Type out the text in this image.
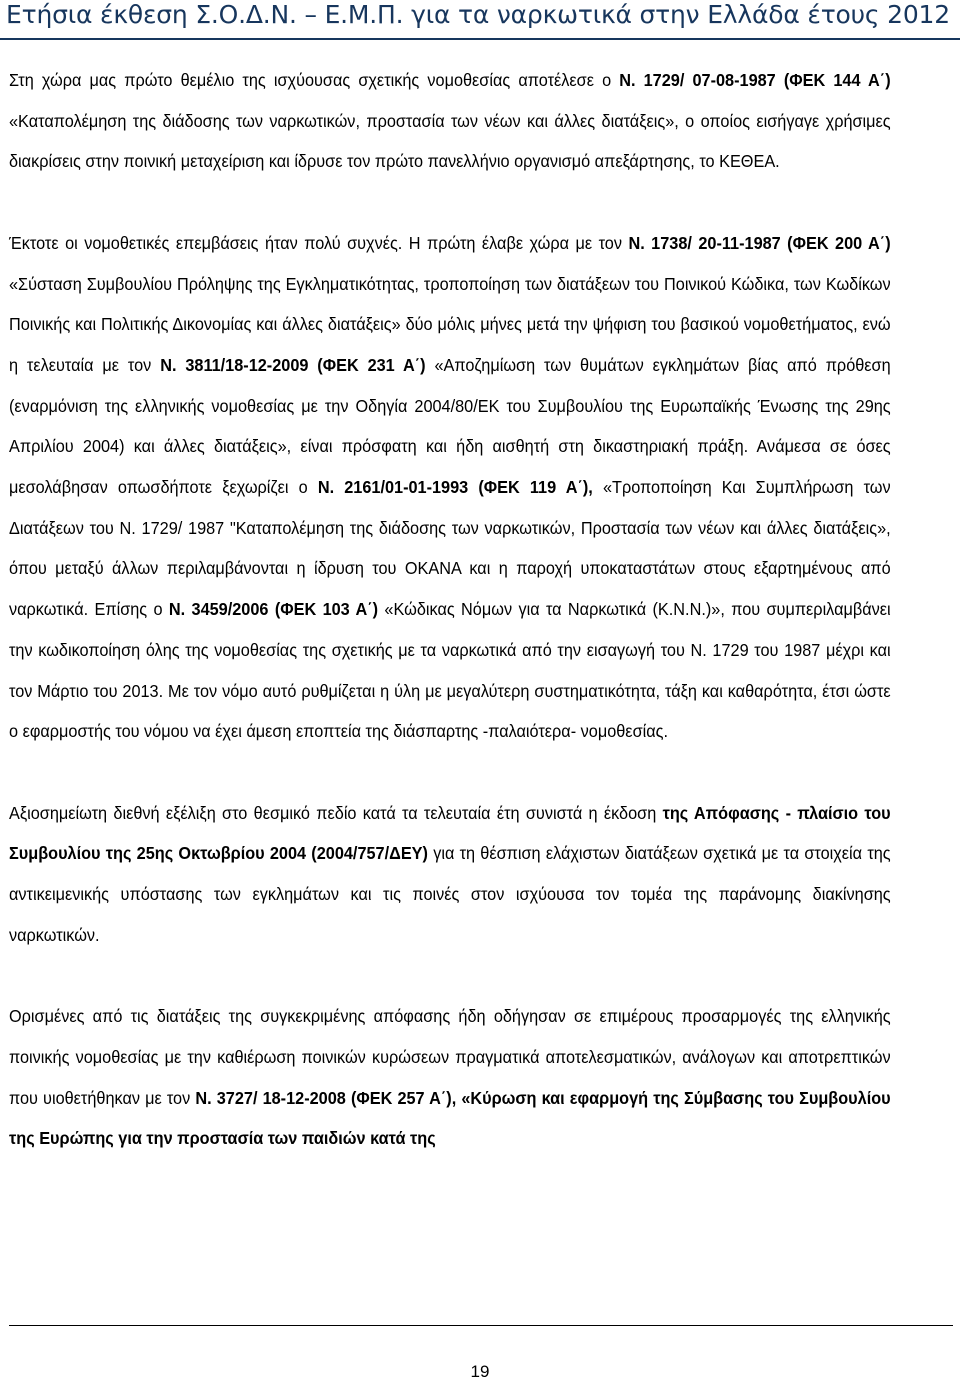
Ετήσια έκθεση Σ.Ο.Δ.Ν. – Ε.Μ.Π. για τα ναρκωτικά στην Ελλάδα έτους 2012

Στη χώρα μας πρώτο θεμέλιο της ισχύουσας σχετικής νομοθεσίας αποτέλεσε ο Ν. 1729/ 07-08-1987 (ΦΕΚ 144 Α΄) «Καταπολέμηση της διάδοσης των ναρκωτικών, προστασία των νέων και άλλες διατάξεις», ο οποίος εισήγαγε χρήσιμες διακρίσεις στην ποινική μεταχείριση και ίδρυσε τον πρώτο πανελλήνιο οργανισμό απεξάρτησης, το ΚΕΘΕΑ.

Έκτοτε οι νομοθετικές επεμβάσεις ήταν πολύ συχνές. Η πρώτη έλαβε χώρα με τον Ν. 1738/ 20-11-1987 (ΦΕΚ 200 Α΄) «Σύσταση Συμβουλίου Πρόληψης της Εγκληματικότητας, τροποποίηση των διατάξεων του Ποινικού Κώδικα, των Κωδίκων Ποινικής και Πολιτικής Δικονομίας και άλλες διατάξεις» δύο μόλις μήνες μετά την ψήφιση του βασικού νομοθετήματος, ενώ η τελευταία με τον Ν. 3811/18-12-2009 (ΦΕΚ 231 Α΄) «Αποζημίωση των θυμάτων εγκλημάτων βίας από πρόθεση (εναρμόνιση της ελληνικής νομοθεσίας με την Οδηγία 2004/80/ΕΚ του Συμβουλίου της Ευρωπαϊκής Ένωσης της 29ης Απριλίου 2004) και άλλες διατάξεις», είναι πρόσφατη και ήδη αισθητή στη δικαστηριακή πράξη. Ανάμεσα σε όσες μεσολάβησαν οπωσδήποτε ξεχωρίζει ο Ν. 2161/01-01-1993 (ΦΕΚ 119 Α΄), «Τροποποίηση Και Συμπλήρωση των Διατάξεων του Ν. 1729/ 1987 "Καταπολέμηση της διάδοσης των ναρκωτικών, Προστασία των νέων και άλλες διατάξεις», όπου μεταξύ άλλων περιλαμβάνονται η ίδρυση του ΟΚΑΝΑ και η παροχή υποκαταστάτων στους εξαρτημένους από ναρκωτικά. Επίσης ο Ν. 3459/2006 (ΦΕΚ 103 Α΄) «Κώδικας Νόμων για τα Ναρκωτικά (Κ.Ν.Ν.)», που συμπεριλαμβάνει την κωδικοποίηση όλης της νομοθεσίας της σχετικής με τα ναρκωτικά από την εισαγωγή του Ν. 1729 του 1987 μέχρι και τον Μάρτιο του 2013. Με τον νόμο αυτό ρυθμίζεται η ύλη με μεγαλύτερη συστηματικότητα, τάξη και καθαρότητα, έτσι ώστε ο εφαρμοστής του νόμου να έχει άμεση εποπτεία της διάσπαρτης -παλαιότερα- νομοθεσίας.

Αξιοσημείωτη διεθνή εξέλιξη στο θεσμικό πεδίο κατά τα τελευταία έτη συνιστά η έκδοση της Απόφασης - πλαίσιο του Συμβουλίου της 25ης Οκτωβρίου 2004 (2004/757/ΔΕΥ) για τη θέσπιση ελάχιστων διατάξεων σχετικά με τα στοιχεία της αντικειμενικής υπόστασης των εγκλημάτων και τις ποινές στον ισχύουσα τον τομέα της παράνομης διακίνησης ναρκωτικών.

Ορισμένες από τις διατάξεις της συγκεκριμένης απόφασης ήδη οδήγησαν σε επιμέρους προσαρμογές της ελληνικής ποινικής νομοθεσίας με την καθιέρωση ποινικών κυρώσεων πραγματικά αποτελεσματικών, ανάλογων και αποτρεπτικών που υιοθετήθηκαν με τον Ν. 3727/ 18-12-2008 (ΦΕΚ 257 Α΄), «Κύρωση και εφαρμογή της Σύμβασης του Συμβουλίου της Ευρώπης για την προστασία των παιδιών κατά της

19
